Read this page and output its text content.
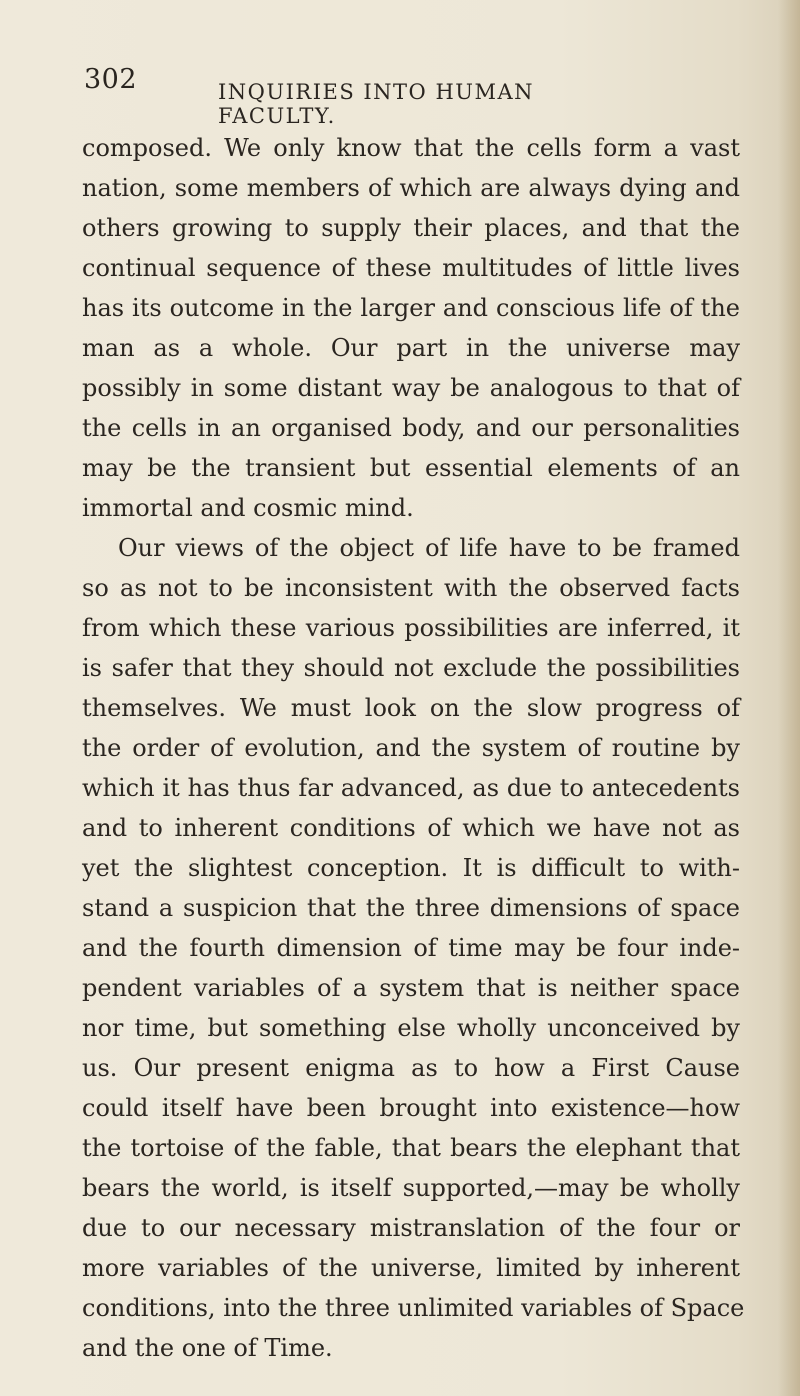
302	INQUIRIES INTO HUMAN FACULTY.
composed. We only know that the cells form a vast
nation, some members of which are always dying and
others growing to supply their places, and that the
continual sequence of these multitudes of little lives
has its outcome in the larger and conscious life of the
man as a whole. Our part in the universe may
possibly in some distant way be analogous to that of
the cells in an organised body, and our personalities
may be the transient but essential elements of an
immortal and cosmic mind.
Our views of the object of life have to be framed
so as not to be inconsistent with the observed facts
from which these various possibilities are inferred, it
is safer that they should not exclude the possibilities
themselves. We must look on the slow progress of
the order of evolution, and the system of routine by
which it has thus far advanced, as due to antecedents
and to inherent conditions of which we have not as
yet the slightest conception. It is difficult to with-
stand a suspicion that the three dimensions of space
and the fourth dimension of time may be four inde-
pendent variables of a system that is neither space
nor time, but something else wholly unconceived by
us. Our present enigma as to how a First Cause
could itself have been brought into existence—how
the tortoise of the fable, that bears the elephant that
bears the world, is itself supported,—may be wholly
due to our necessary mistranslation of the four or
more variables of the universe, limited by inherent
conditions, into the three unlimited variables of Space
and the one of Time.
